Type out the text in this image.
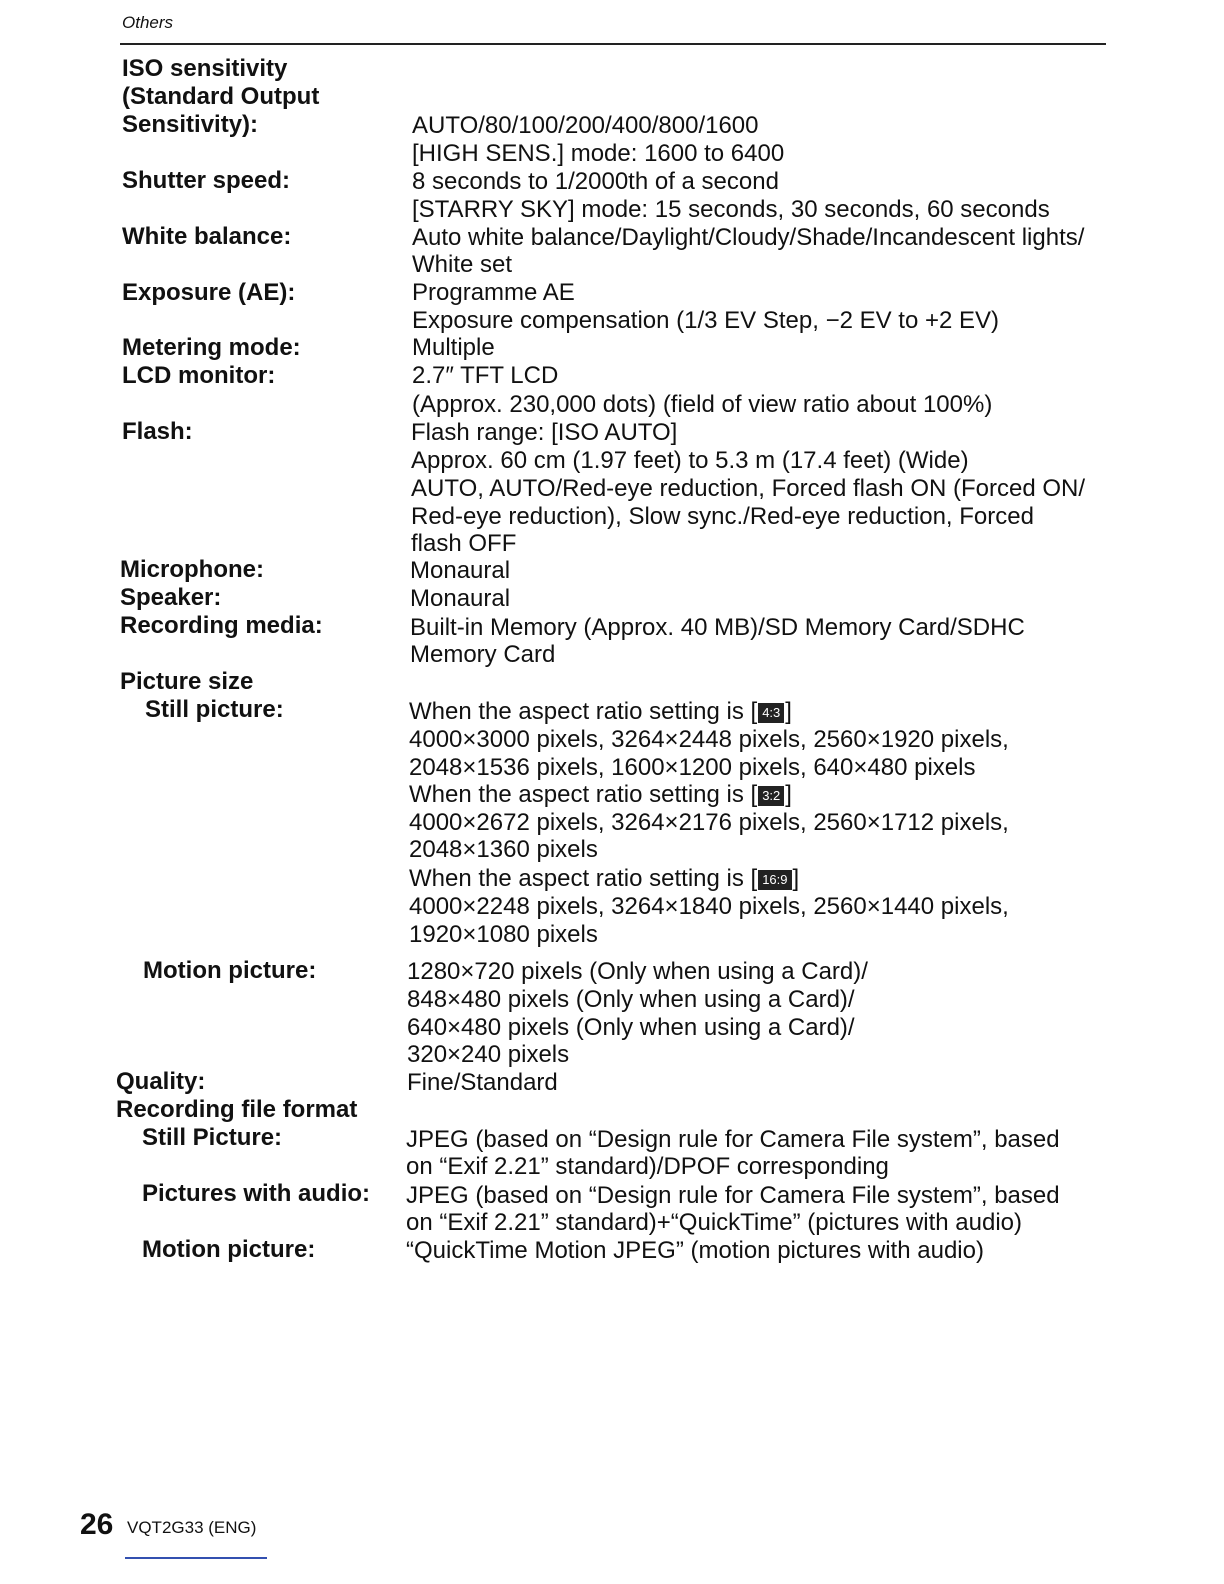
Others
ISO sensitivity
(Standard Output
Sensitivity):	AUTO/80/100/200/400/800/1600
[HIGH SENS.] mode: 1600 to 6400
Shutter speed:	8 seconds to 1/2000th of a second
[STARRY SKY] mode: 15 seconds, 30 seconds, 60 seconds
White balance:	Auto white balance/Daylight/Cloudy/Shade/Incandescent lights/
White set
Exposure (AE):	Programme AE
Exposure compensation (1/3 EV Step, −2 EV to +2 EV)
Metering mode:	Multiple
LCD monitor:	2.7″ TFT LCD
(Approx. 230,000 dots) (field of view ratio about 100%)
Flash:	Flash range: [ISO AUTO]
Approx. 60 cm (1.97 feet) to 5.3 m (17.4 feet) (Wide)
AUTO, AUTO/Red-eye reduction, Forced flash ON (Forced ON/
Red-eye reduction), Slow sync./Red-eye reduction, Forced
flash OFF
Microphone:	Monaural
Speaker:	Monaural
Recording media:	Built-in Memory (Approx. 40 MB)/SD Memory Card/SDHC
Memory Card
Picture size
Still picture:	When the aspect ratio setting is [ 4:3 ]
4000×3000 pixels, 3264×2448 pixels, 2560×1920 pixels,
2048×1536 pixels, 1600×1200 pixels, 640×480 pixels
When the aspect ratio setting is [ 3:2 ]
4000×2672 pixels, 3264×2176 pixels, 2560×1712 pixels,
2048×1360 pixels
When the aspect ratio setting is [ 16:9 ]
4000×2248 pixels, 3264×1840 pixels, 2560×1440 pixels,
1920×1080 pixels
Motion picture:	1280×720 pixels (Only when using a Card)/
848×480 pixels (Only when using a Card)/
640×480 pixels (Only when using a Card)/
320×240 pixels
Quality:	Fine/Standard
Recording file format
Still Picture:	JPEG (based on “Design rule for Camera File system”, based
on “Exif 2.21” standard)/DPOF corresponding
Pictures with audio: JPEG (based on “Design rule for Camera File system”, based
on “Exif 2.21” standard)+“QuickTime” (pictures with audio)
Motion picture:	“QuickTime Motion JPEG” (motion pictures with audio)
26 VQT2G33 (ENG)
